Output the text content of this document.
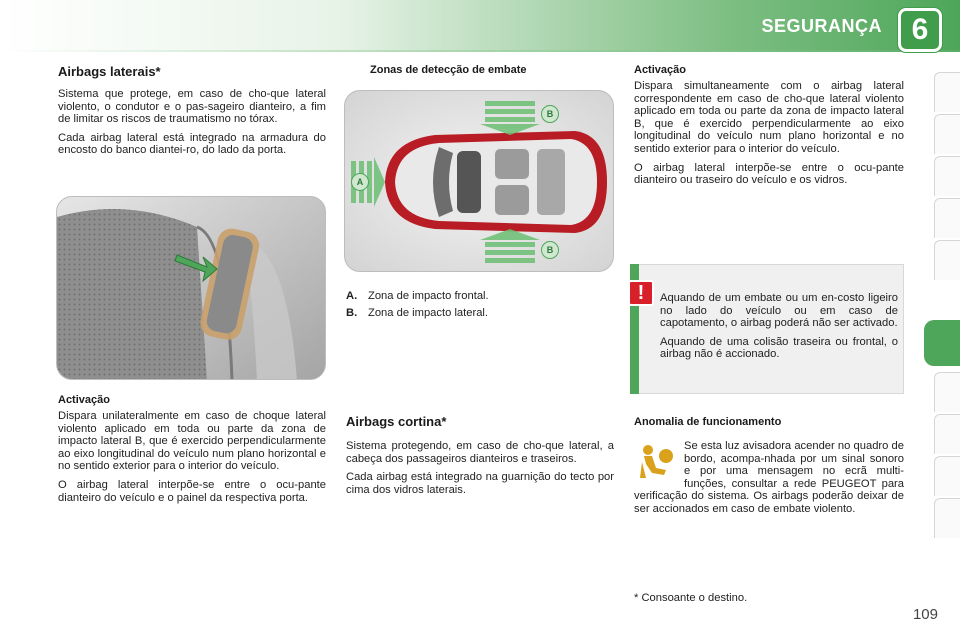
SEGURANÇA 6
Airbags laterais*
Sistema que protege, em caso de cho-que lateral violento, o condutor e o pas-sageiro dianteiro, a fim de limitar os riscos de traumatismo no tórax.
Cada airbag lateral está integrado na armadura do encosto do banco diantei-ro, do lado da porta.
Activação
Dispara unilateralmente em caso de choque lateral violento aplicado em toda ou parte da zona de impacto lateral B, que é exercido perpendicularmente ao eixo longitudinal do veículo num plano horizontal e no sentido exterior para o interior do veículo.
O airbag lateral interpõe-se entre o ocu-pante dianteiro do veículo e o painel da respectiva porta.
Zonas de detecção de embate
A
B
B
A. Zona de impacto frontal.
B. Zona de impacto lateral.
Airbags cortina*
Sistema protegendo, em caso de cho-que lateral, a cabeça dos passageiros dianteiros e traseiros.
Cada airbag está integrado na guarnição do tecto por cima dos vidros laterais.
Activação
Dispara simultaneamente com o airbag lateral correspondente em caso de cho-que lateral violento aplicado em toda ou parte da zona de impacto lateral B, que é exercido perpendicularmente ao eixo longitudinal do veículo num plano horizontal e no sentido exterior para o interior do veículo.
O airbag lateral interpõe-se entre o ocu-pante dianteiro ou traseiro do veículo e os vidros.
!	Aquando de um embate ou um en-costo ligeiro no lado do veículo ou em caso de capotamento, o airbag poderá não ser activado.
Aquando de uma colisão traseira ou frontal, o airbag não é accionado.
Anomalia de funcionamento
Se esta luz avisadora acender no quadro de bordo, acompa-nhada por um sinal sonoro e por uma mensagem no ecrã multi-funções, consultar a rede PEUGEOT para verificação do sistema. Os airbags poderão deixar de ser accionados em caso de embate violento.
* Consoante o destino.
109
